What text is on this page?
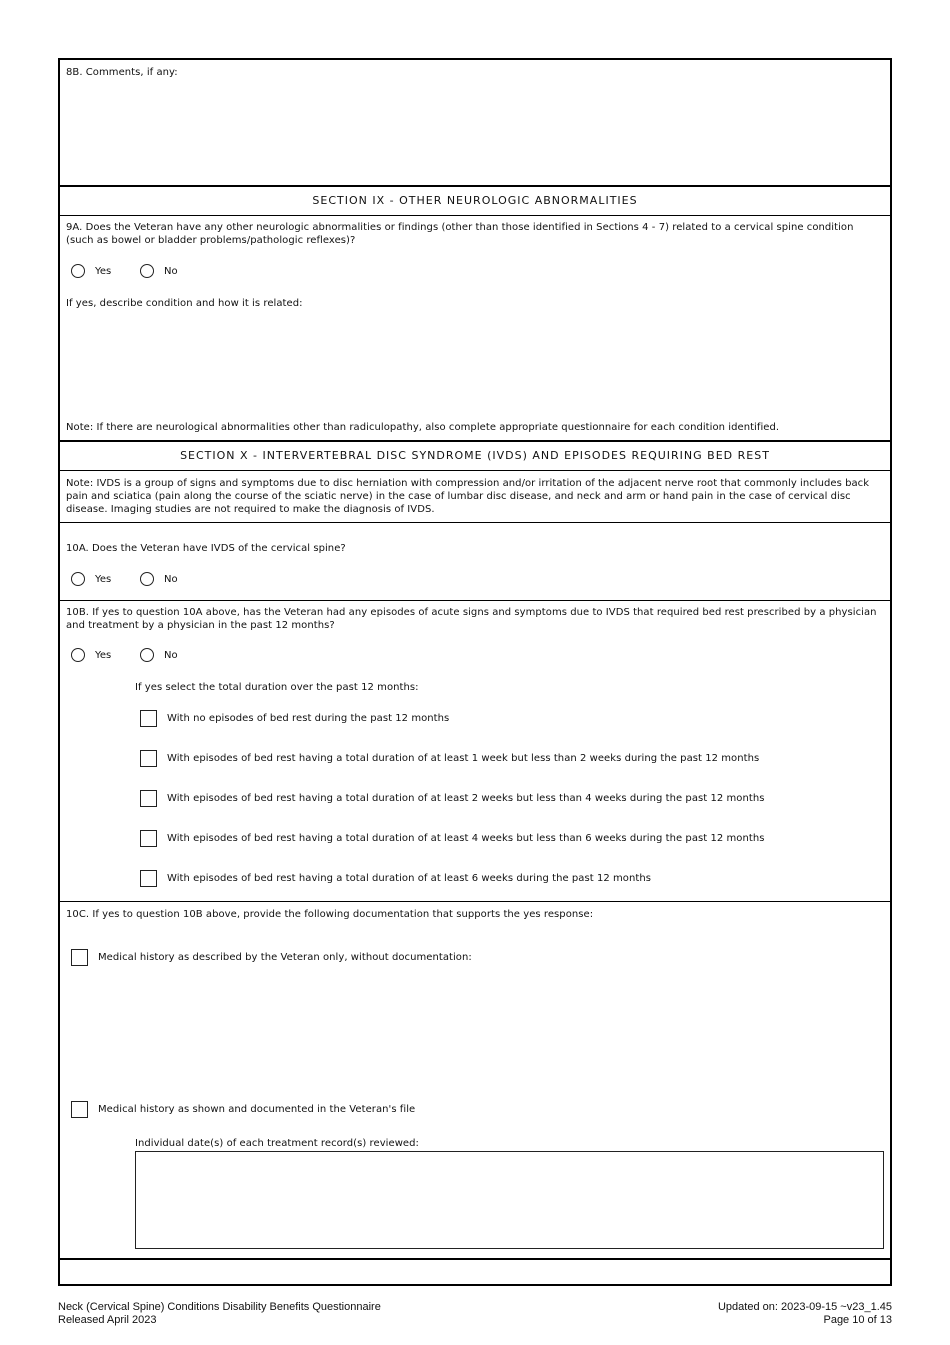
8B. Comments, if any:
SECTION IX - OTHER NEUROLOGIC ABNORMALITIES
9A. Does the Veteran have any other neurologic abnormalities or findings (other than those identified in Sections 4 - 7) related to a cervical spine condition (such as bowel or bladder problems/pathologic reflexes)?
Yes	No
If yes, describe condition and how it is related:
Note: If there are neurological abnormalities other than radiculopathy, also complete appropriate questionnaire for each condition identified.
SECTION X - INTERVERTEBRAL DISC SYNDROME (IVDS) AND EPISODES REQUIRING BED REST
Note: IVDS is a group of signs and symptoms due to disc herniation with compression and/or irritation of the adjacent nerve root that commonly includes back pain and sciatica (pain along the course of the sciatic nerve) in the case of lumbar disc disease, and neck and arm or hand pain in the case of cervical disc disease. Imaging studies are not required to make the diagnosis of IVDS.
10A. Does the Veteran have IVDS of the cervical spine?
Yes	No
10B. If yes to question 10A above, has the Veteran had any episodes of acute signs and symptoms due to IVDS that required bed rest prescribed by a physician and treatment by a physician in the past 12 months?
Yes	No
If yes select the total duration over the past 12 months:
With no episodes of bed rest during the past 12 months
With episodes of bed rest having a total duration of at least 1 week but less than 2 weeks during the past 12 months
With episodes of bed rest having a total duration of at least 2 weeks but less than 4 weeks during the past 12 months
With episodes of bed rest having a total duration of at least 4 weeks but less than 6 weeks during the past 12 months
With episodes of bed rest having a total duration of at least 6 weeks during the past 12 months
10C. If yes to question 10B above, provide the following documentation that supports the yes response:
Medical history as described by the Veteran only, without documentation:
Medical history as shown and documented in the Veteran's file
Individual date(s) of each treatment record(s) reviewed:
Neck (Cervical Spine) Conditions Disability Benefits Questionnaire
Released April 2023
Updated on: 2023-09-15 ~v23_1.45
Page 10 of 13
